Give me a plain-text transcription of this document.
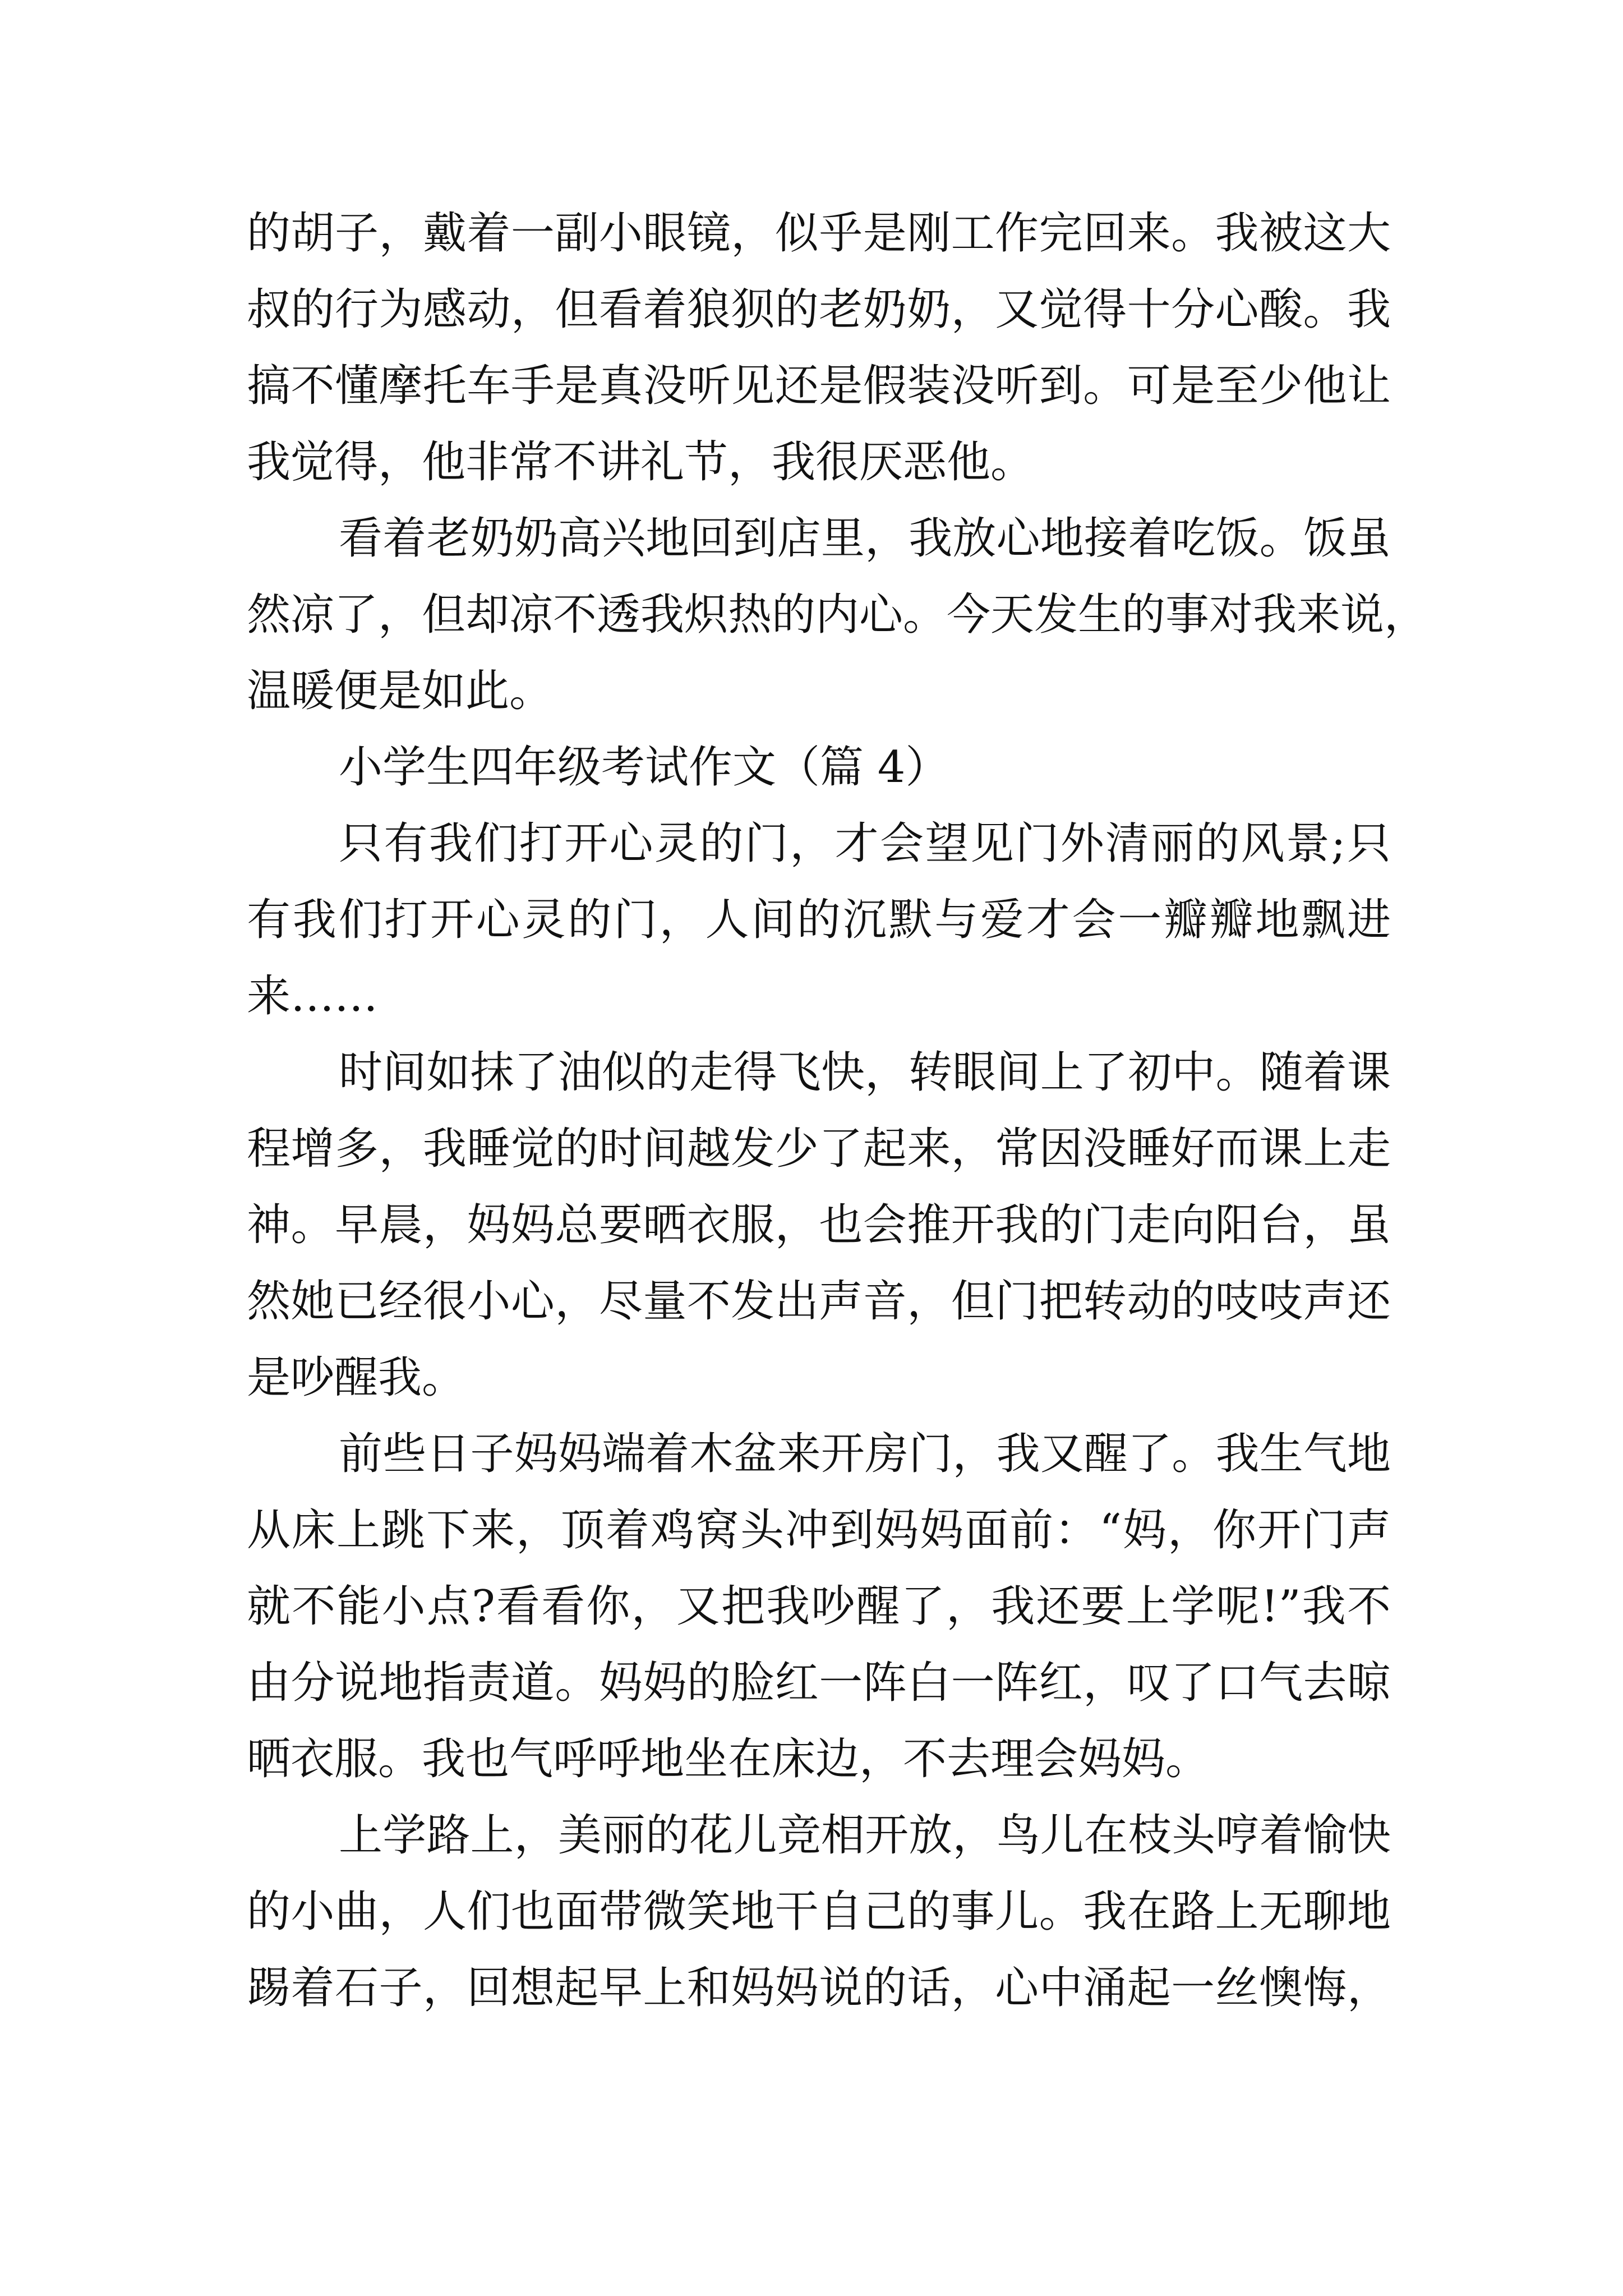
的胡子，戴着一副小眼镜，似乎是刚工作完回来。我被这大
叔的行为感动，但看着狼狈的老奶奶，又觉得十分心酸。我
搞不懂摩托车手是真没听见还是假装没听到。可是至少他让
我觉得，他非常不讲礼节，我很厌恶他。
看着老奶奶高兴地回到店里，我放心地接着吃饭。饭虽
然凉了，但却凉不透我炽热的内心。今天发生的事对我来说，
温暖便是如此。
小学生四年级考试作文（篇 4）
只有我们打开心灵的门，才会望见门外清丽的风景;只
有我们打开心灵的门，人间的沉默与爱才会一瓣瓣地飘进
来……
时间如抹了油似的走得飞快，转眼间上了初中。随着课
程增多，我睡觉的时间越发少了起来，常因没睡好而课上走
神。早晨，妈妈总要晒衣服，也会推开我的门走向阳台，虽
然她已经很小心，尽量不发出声音，但门把转动的吱吱声还
是吵醒我。
前些日子妈妈端着木盆来开房门，我又醒了。我生气地
从床上跳下来，顶着鸡窝头冲到妈妈面前：“妈，你开门声
就不能小点?看看你，又把我吵醒了，我还要上学呢!”我不
由分说地指责道。妈妈的脸红一阵白一阵红，叹了口气去晾
晒衣服。我也气呼呼地坐在床边，不去理会妈妈。
上学路上，美丽的花儿竞相开放，鸟儿在枝头哼着愉快
的小曲，人们也面带微笑地干自己的事儿。我在路上无聊地
踢着石子，回想起早上和妈妈说的话，心中涌起一丝懊悔，
